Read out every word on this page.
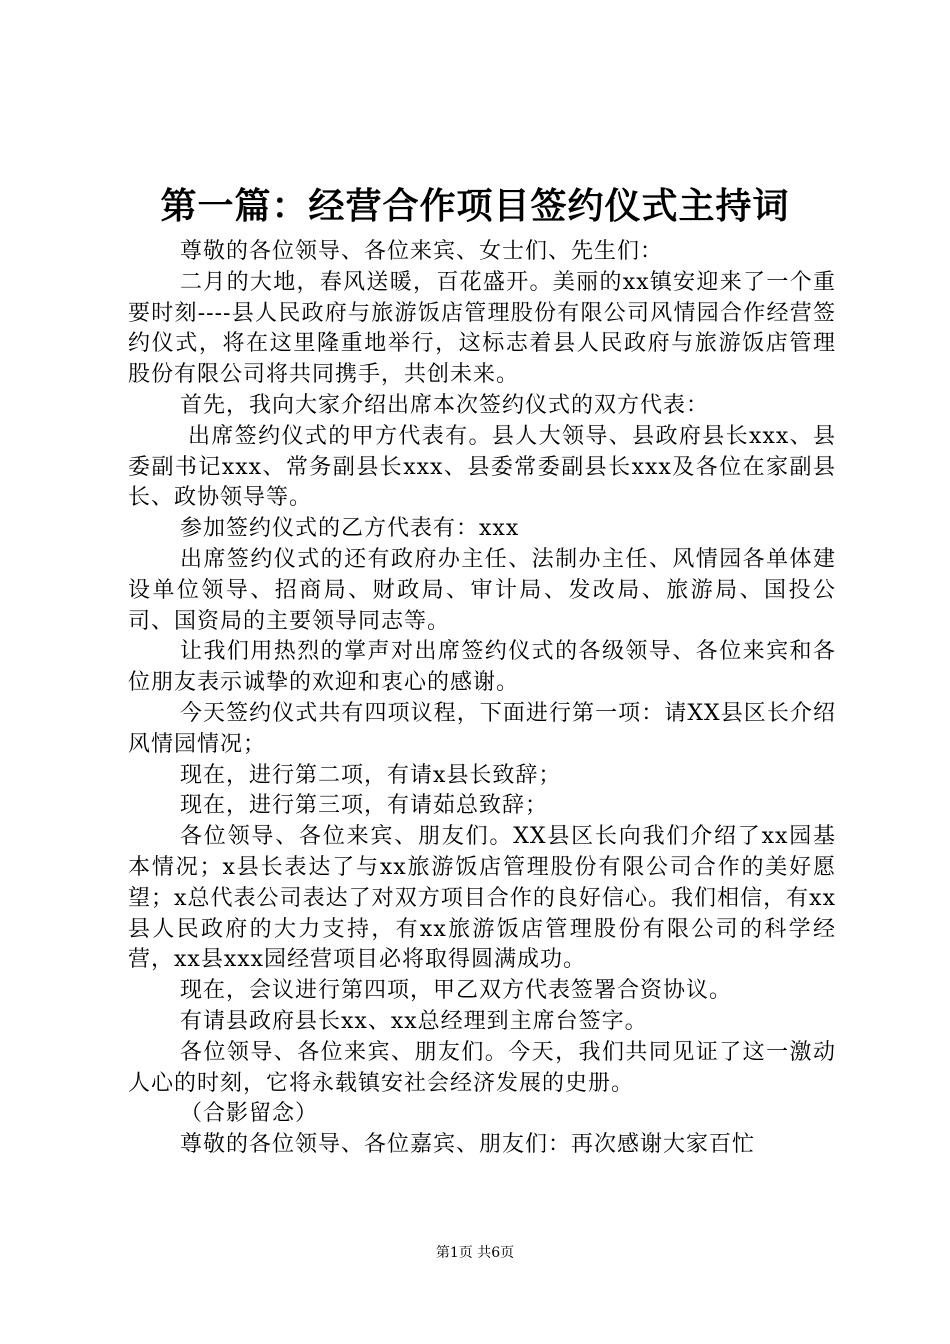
第一篇：经营合作项目签约仪式主持词

尊敬的各位领导、各位来宾、女士们、先生们：

二月的大地，春风送暖，百花盛开。美丽的xx镇安迎来了一个重要时刻----县人民政府与旅游饭店管理股份有限公司风情园合作经营签约仪式，将在这里隆重地举行，这标志着县人民政府与旅游饭店管理股份有限公司将共同携手，共创未来。

首先，我向大家介绍出席本次签约仪式的双方代表：

出席签约仪式的甲方代表有。县人大领导、县政府县长xxx、县委副书记xxx、常务副县长xxx、县委常委副县长xxx及各位在家副县长、政协领导等。

参加签约仪式的乙方代表有：xxx

出席签约仪式的还有政府办主任、法制办主任、风情园各单体建设单位领导、招商局、财政局、审计局、发改局、旅游局、国投公司、国资局的主要领导同志等。

让我们用热烈的掌声对出席签约仪式的各级领导、各位来宾和各位朋友表示诚挚的欢迎和衷心的感谢。

今天签约仪式共有四项议程，下面进行第一项：请XX县区长介绍风情园情况；

现在，进行第二项，有请x县长致辞；

现在，进行第三项，有请茹总致辞；

各位领导、各位来宾、朋友们。XX县区长向我们介绍了xx园基本情况；x县长表达了与xx旅游饭店管理股份有限公司合作的美好愿望；x总代表公司表达了对双方项目合作的良好信心。我们相信，有xx县人民政府的大力支持，有xx旅游饭店管理股份有限公司的科学经营，xx县xxx园经营项目必将取得圆满成功。

现在，会议进行第四项，甲乙双方代表签署合资协议。

有请县政府县长xx、xx总经理到主席台签字。

各位领导、各位来宾、朋友们。今天，我们共同见证了这一激动人心的时刻，它将永载镇安社会经济发展的史册。

（合影留念）

尊敬的各位领导、各位嘉宾、朋友们：再次感谢大家百忙

第1页 共6页
